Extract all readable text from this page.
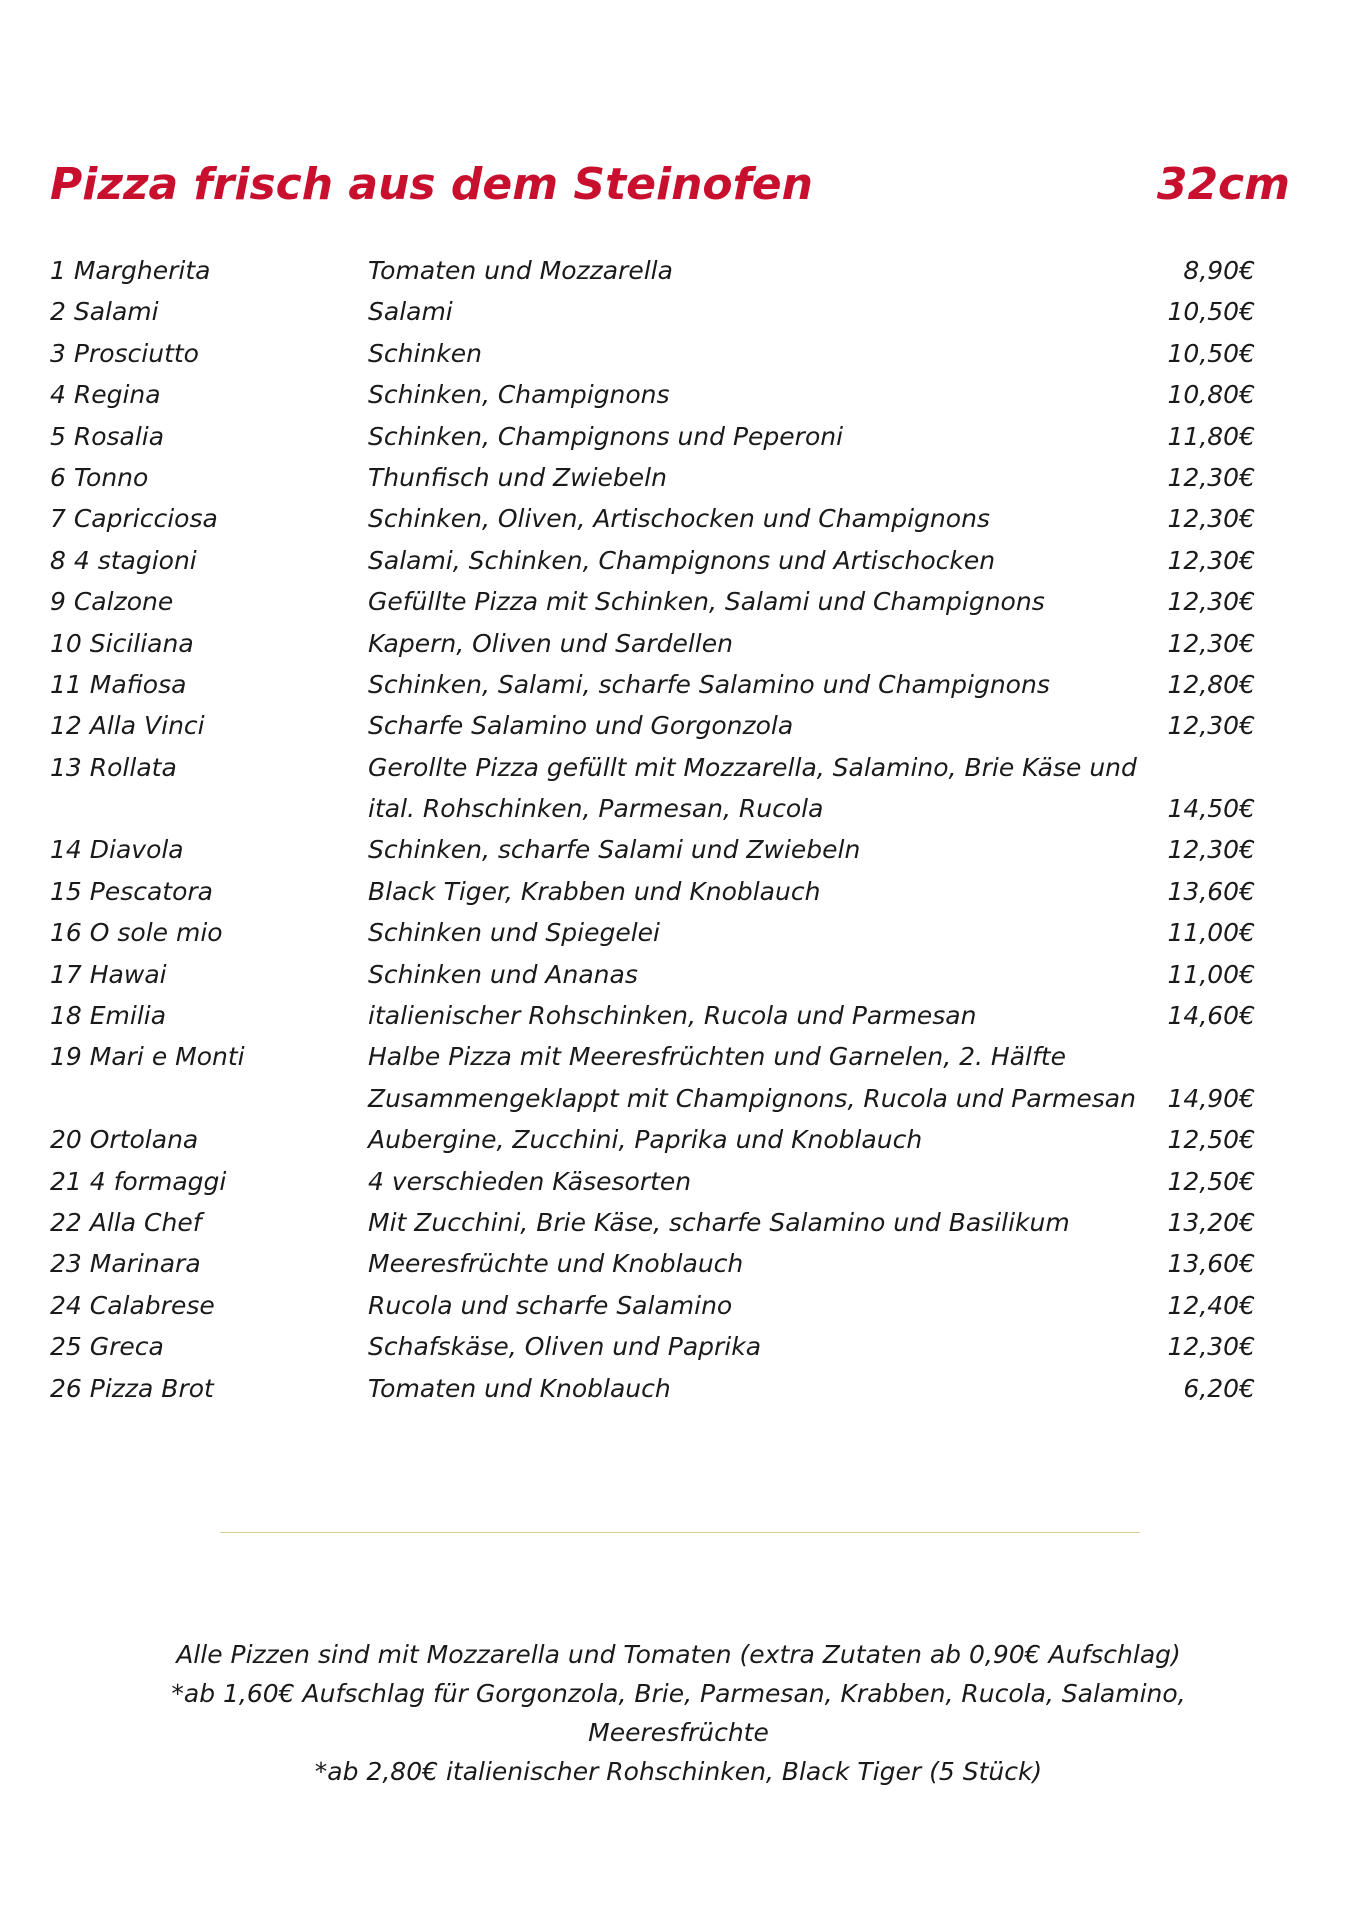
Pizza frisch aus dem Steinofen	32cm
1 Margherita	Tomaten und Mozzarella	8,90€
2 Salami	Salami	10,50€
3 Prosciutto	Schinken	10,50€
4 Regina	Schinken, Champignons	10,80€
5 Rosalia	Schinken, Champignons und Peperoni	11,80€
6 Tonno	Thunfisch und Zwiebeln	12,30€
7 Capricciosa	Schinken, Oliven, Artischocken und Champignons	12,30€
8 4 stagioni	Salami, Schinken, Champignons und Artischocken	12,30€
9 Calzone	Gefüllte Pizza mit Schinken, Salami und Champignons	12,30€
10 Siciliana	Kapern, Oliven und Sardellen	12,30€
11 Mafiosa	Schinken, Salami, scharfe Salamino und Champignons	12,80€
12 Alla Vinci	Scharfe Salamino und Gorgonzola	12,30€
13 Rollata	Gerollte Pizza gefüllt mit Mozzarella, Salamino, Brie Käse und
ital. Rohschinken, Parmesan, Rucola	14,50€
14 Diavola	Schinken, scharfe Salami und Zwiebeln	12,30€
15 Pescatora	Black Tiger, Krabben und Knoblauch	13,60€
16 O sole mio	Schinken und Spiegelei	11,00€
17 Hawai	Schinken und Ananas	11,00€
18 Emilia	italienischer Rohschinken, Rucola und Parmesan	14,60€
19 Mari e Monti	Halbe Pizza mit Meeresfrüchten und Garnelen, 2. Hälfte
Zusammengeklappt mit Champignons, Rucola und Parmesan 14,90€
20 Ortolana	Aubergine, Zucchini, Paprika und Knoblauch	12,50€
21 4 formaggi	4 verschieden Käsesorten	12,50€
22 Alla Chef	Mit Zucchini, Brie Käse, scharfe Salamino und Basilikum	13,20€
23 Marinara	Meeresfrüchte und Knoblauch	13,60€
24 Calabrese	Rucola und scharfe Salamino	12,40€
25 Greca	Schafskäse, Oliven und Paprika	12,30€
26 Pizza Brot	Tomaten und Knoblauch	6,20€
Alle Pizzen sind mit Mozzarella und Tomaten (extra Zutaten ab 0,90€ Aufschlag)
*ab 1,60€ Aufschlag für Gorgonzola, Brie, Parmesan, Krabben, Rucola, Salamino,
Meeresfrüchte
*ab 2,80€ italienischer Rohschinken, Black Tiger (5 Stück)
